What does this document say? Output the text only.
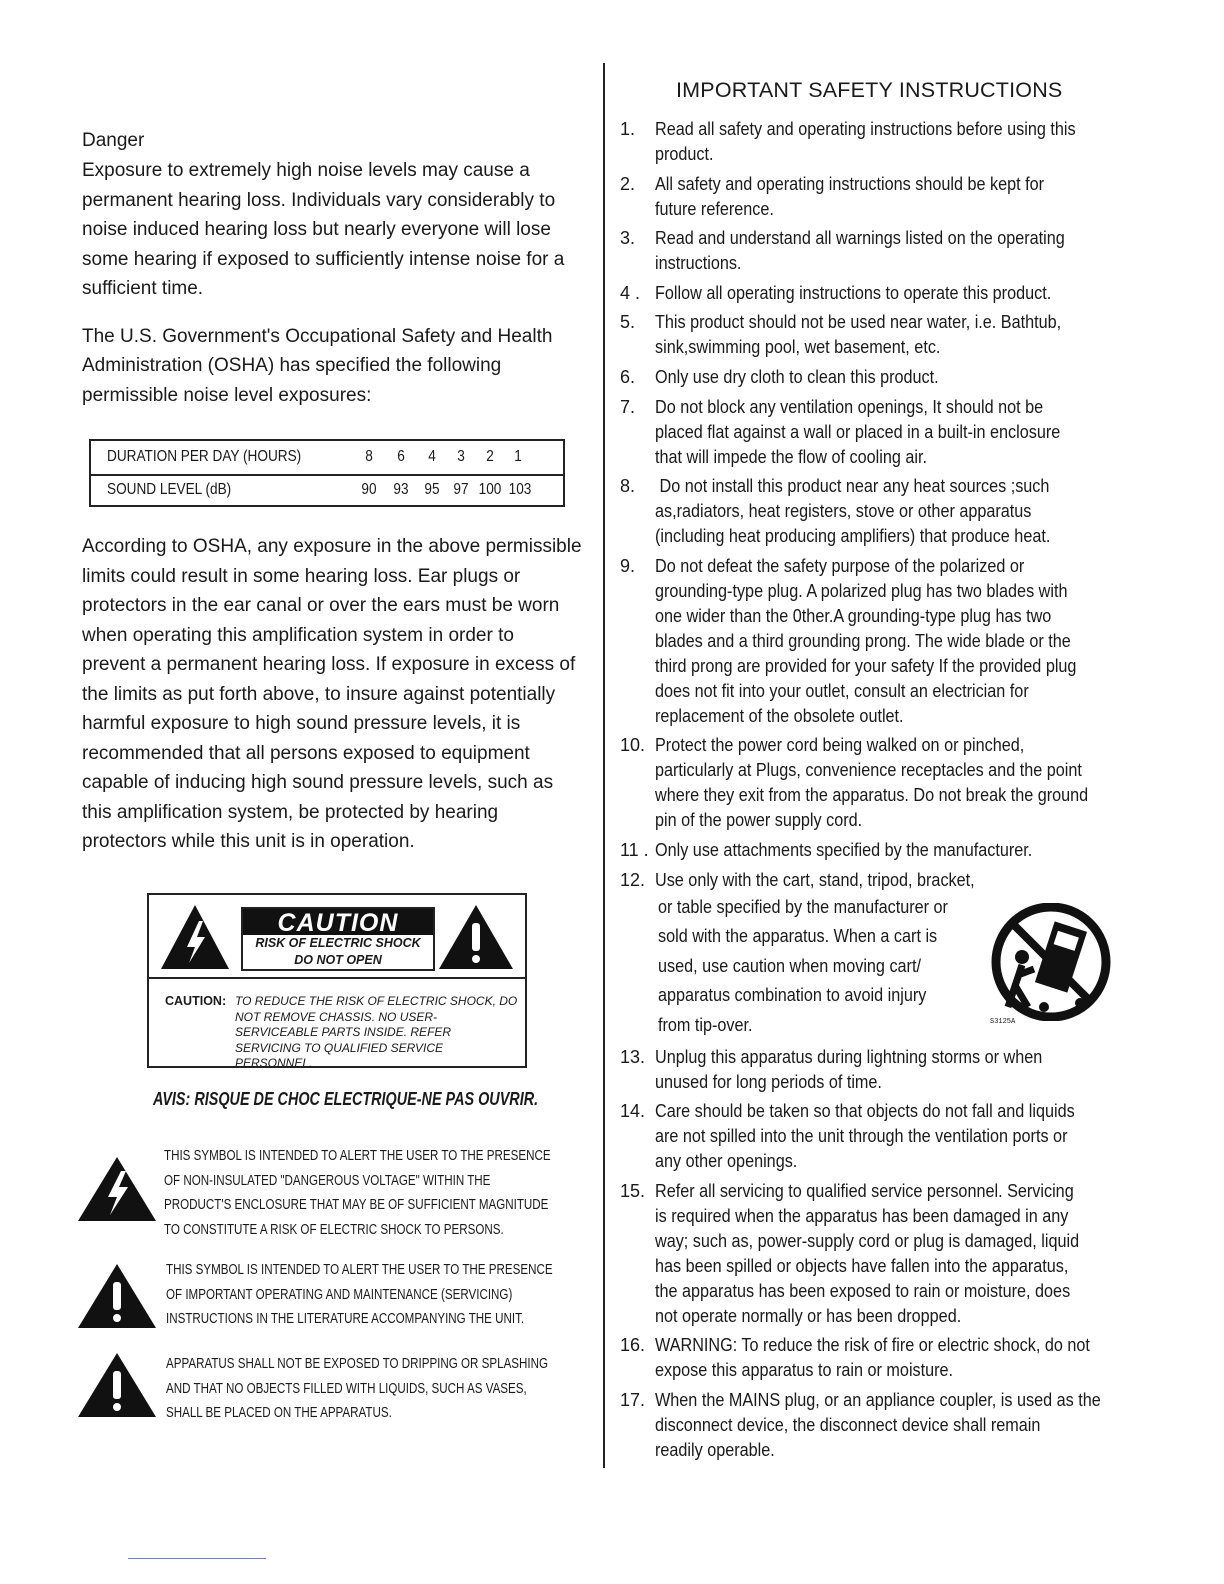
Danger

Exposure to extremely high noise levels may cause a permanent hearing loss. Individuals vary considerably to noise induced hearing loss but nearly everyone will lose some hearing if exposed to sufficiently intense noise for a sufficient time.

The U.S. Government's Occupational Safety and Health Administration (OSHA) has specified the following permissible noise level exposures:

DURATION PER DAY (HOURS)	8	6	4	3	2	1
SOUND LEVEL (dB)	90	93 95 97 100 103

According to OSHA, any exposure in the above permissible limits could result in some hearing loss. Ear plugs or protectors in the ear canal or over the ears must be worn when operating this amplification system in order to prevent a permanent hearing loss. If exposure in excess of the limits as put forth above, to insure against potentially harmful exposure to high sound pressure levels, it is recommended that all persons exposed to equipment capable of inducing high sound pressure levels, such as this amplification system, be protected by hearing protectors while this unit is in operation.

CAUTION
RISK OF ELECTRIC SHOCK
DO NOT OPEN
CAUTION: TO REDUCE THE RISK OF ELECTRIC SHOCK, DO NOT REMOVE CHASSIS. NO USER-SERVICEABLE PARTS INSIDE. REFER SERVICING TO QUALIFIED SERVICE PERSONNEL.
AVIS: RISQUE DE CHOC ELECTRIQUE-NE PAS OUVRIR.
THIS SYMBOL IS INTENDED TO ALERT THE USER TO THE PRESENCE
OF NON-INSULATED "DANGEROUS VOLTAGE" WITHIN THE
PRODUCT'S ENCLOSURE THAT MAY BE OF SUFFICIENT MAGNITUDE
TO CONSTITUTE A RISK OF ELECTRIC SHOCK TO PERSONS.
THIS SYMBOL IS INTENDED TO ALERT THE USER TO THE PRESENCE
OF IMPORTANT OPERATING AND MAINTENANCE (SERVICING)
INSTRUCTIONS IN THE LITERATURE ACCOMPANYING THE UNIT.
APPARATUS SHALL NOT BE EXPOSED TO DRIPPING OR SPLASHING
AND THAT NO OBJECTS FILLED WITH LIQUIDS, SUCH AS VASES,
SHALL BE PLACED ON THE APPARATUS.
IMPORTANT SAFETY INSTRUCTIONS
1. Read all safety and operating instructions before using this
product.
2. All safety and operating instructions should be kept for
future reference.
3. Read and understand all warnings listed on the operating
instructions.
4 . Follow all operating instructions to operate this product.
5. This product should not be used near water, i.e. Bathtub,
sink,swimming pool, wet basement, etc.
6. Only use dry cloth to clean this product.
7. Do not block any ventilation openings, It should not be
placed flat against a wall or placed in a built-in enclosure
that will impede the flow of cooling air.
8. Do not install this product near any heat sources ;such
as,radiators, heat registers, stove or other apparatus
(including heat producing amplifiers) that produce heat.
9. Do not defeat the safety purpose of the polarized or
grounding-type plug. A polarized plug has two blades with
one wider than the 0ther.A grounding-type plug has two
blades and a third grounding prong. The wide blade or the
third prong are provided for your safety If the provided plug
does not fit into your outlet, consult an electrician for
replacement of the obsolete outlet.
10. Protect the power cord being walked on or pinched,
particularly at Plugs, convenience receptacles and the point
where they exit from the apparatus. Do not break the ground
pin of the power supply cord.
11 . Only use attachments specified by the manufacturer.
12. Use only with the cart, stand, tripod, bracket,
or table specified by the manufacturer or
sold with the apparatus. When a cart is
used, use caution when moving cart/
apparatus combination to avoid injury
from tip-over.
13. Unplug this apparatus during lightning storms or when
unused for long periods of time.
14. Care should be taken so that objects do not fall and liquids
are not spilled into the unit through the ventilation ports or
any other openings.
15. Refer all servicing to qualified service personnel. Servicing
is required when the apparatus has been damaged in any
way; such as, power-supply cord or plug is damaged, liquid
has been spilled or objects have fallen into the apparatus,
the apparatus has been exposed to rain or moisture, does
not operate normally or has been dropped.
16. WARNING: To reduce the risk of fire or electric shock, do not
expose this apparatus to rain or moisture.
17. When the MAINS plug, or an appliance coupler, is used as the
disconnect device, the disconnect device shall remain
readily operable.
S3125A
